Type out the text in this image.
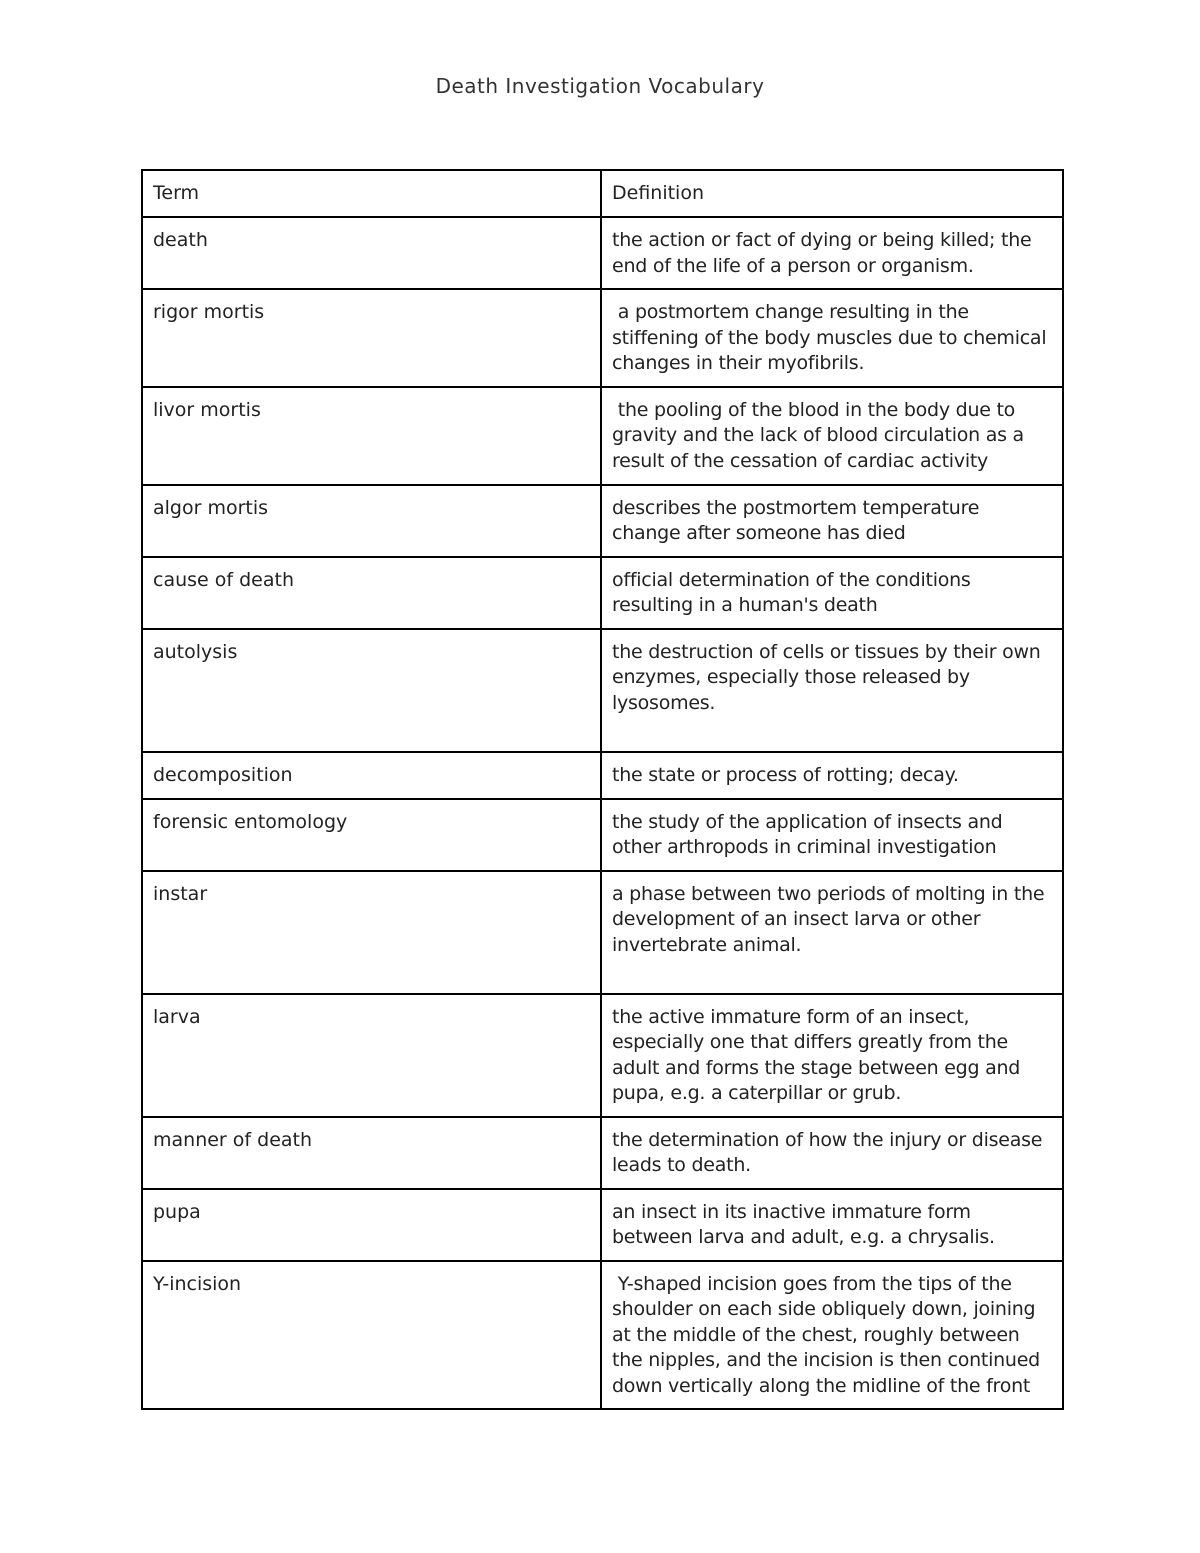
Death Investigation Vocabulary
Term	Definition
death	the action or fact of dying or being killed; the end of the life of a person or organism.
rigor mortis	a postmortem change resulting in the stiffening of the body muscles due to chemical changes in their myofibrils.
livor mortis	the pooling of the blood in the body due to gravity and the lack of blood circulation as a result of the cessation of cardiac activity
algor mortis	describes the postmortem temperature change after someone has died
cause of death	official determination of the conditions resulting in a human's death
autolysis	the destruction of cells or tissues by their own enzymes, especially those released by lysosomes.
decomposition	the state or process of rotting; decay.
forensic entomology	the study of the application of insects and other arthropods in criminal investigation
instar	a phase between two periods of molting in the development of an insect larva or other invertebrate animal.
larva	the active immature form of an insect, especially one that differs greatly from the adult and forms the stage between egg and pupa, e.g. a caterpillar or grub.
manner of death	the determination of how the injury or disease leads to death.
pupa	an insect in its inactive immature form between larva and adult, e.g. a chrysalis.
Y-incision	Y-shaped incision goes from the tips of the shoulder on each side obliquely down, joining at the middle of the chest, roughly between the nipples, and the incision is then continued down vertically along the midline of the front
